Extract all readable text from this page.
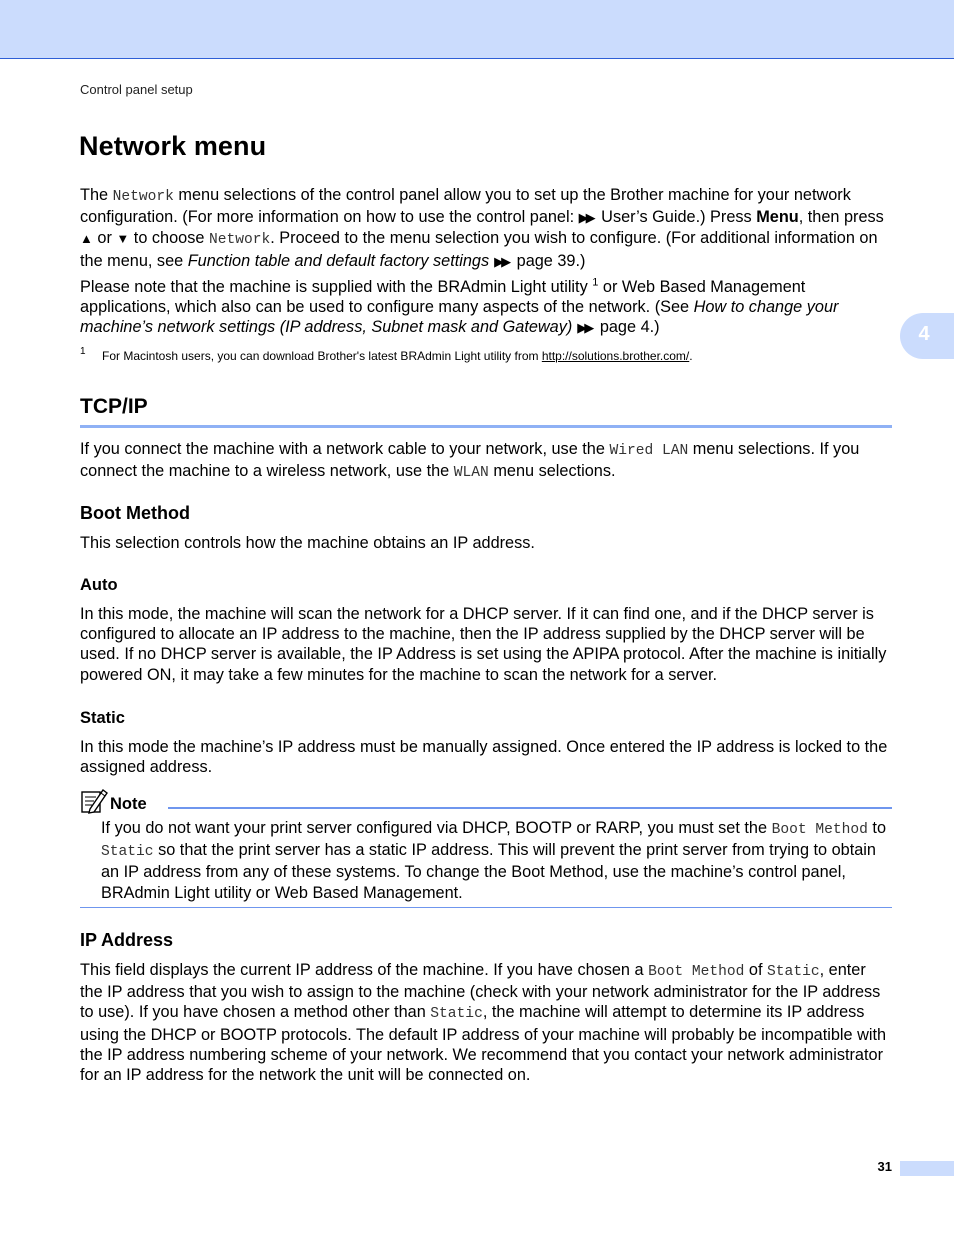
Control panel setup
4
Network menu

The Network menu selections of the control panel allow you to set up the Brother machine for your network configuration. (For more information on how to use the control panel: ▶▶ User’s Guide.) Press Menu, then press ▲ or ▼ to choose Network. Proceed to the menu selection you wish to configure. (For additional information on the menu, see Function table and default factory settings ▶▶ page 39.)

Please note that the machine is supplied with the BRAdmin Light utility $^1$ or Web Based Management applications, which also can be used to configure many aspects of the network. (See How to change your machine’s network settings (IP address, Subnet mask and Gateway) ▶▶ page 4.)

1 For Macintosh users, you can download Brother's latest BRAdmin Light utility from http://solutions.brother.com/.
TCP/IP

If you connect the machine with a network cable to your network, use the Wired LAN menu selections. If you connect the machine to a wireless network, use the WLAN menu selections.

Boot Method

This selection controls how the machine obtains an IP address.

Auto

In this mode, the machine will scan the network for a DHCP server. If it can find one, and if the DHCP server is configured to allocate an IP address to the machine, then the IP address supplied by the DHCP server will be used. If no DHCP server is available, the IP Address is set using the APIPA protocol. After the machine is initially powered ON, it may take a few minutes for the machine to scan the network for a server.

Static

In this mode the machine’s IP address must be manually assigned. Once entered the IP address is locked to the assigned address.

Note

If you do not want your print server configured via DHCP, BOOTP or RARP, you must set the Boot Method to Static so that the print server has a static IP address. This will prevent the print server from trying to obtain an IP address from any of these systems. To change the Boot Method, use the machine’s control panel, BRAdmin Light utility or Web Based Management.

IP Address

This field displays the current IP address of the machine. If you have chosen a Boot Method of Static, enter the IP address that you wish to assign to the machine (check with your network administrator for the IP address to use). If you have chosen a method other than Static, the machine will attempt to determine its IP address using the DHCP or BOOTP protocols. The default IP address of your machine will probably be incompatible with the IP address numbering scheme of your network. We recommend that you contact your network administrator for an IP address for the network the unit will be connected on.

31
